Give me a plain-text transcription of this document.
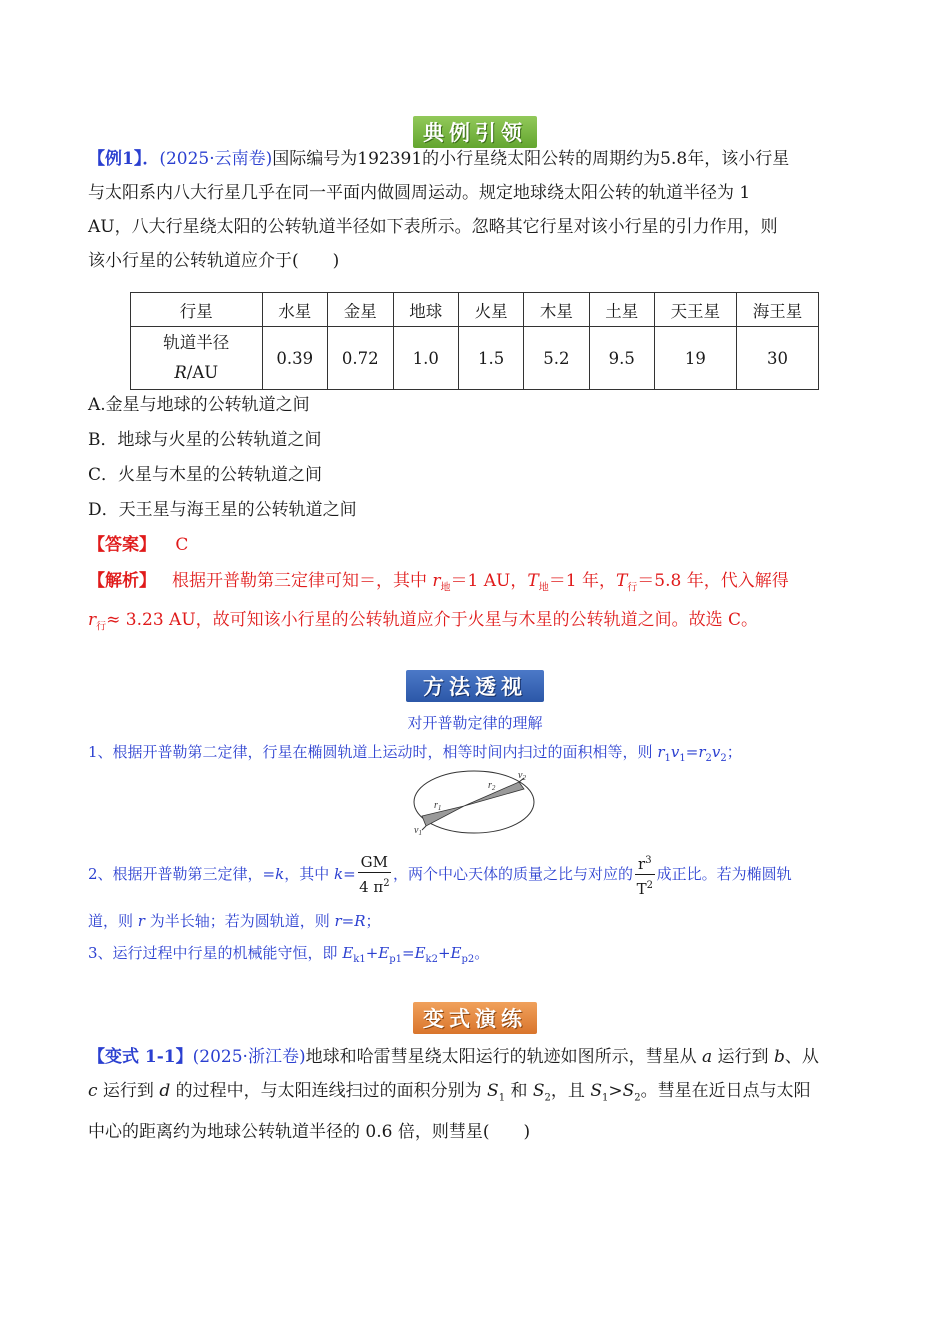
典例引领
【例1】．(2025·云南卷)国际编号为192391的小行星绕太阳公转的周期约为5.8年，该小行星
与太阳系内八大行星几乎在同一平面内做圆周运动。规定地球绕太阳公转的轨道半径为 1
AU，八大行星绕太阳的公转轨道半径如下表所示。忽略其它行星对该小行星的引力作用，则
该小行星的公转轨道应介于(　　)
行星	水星	金星	地球	火星	木星	土星	天王星	海王星

轨道半径
R/AU	0.39	0.72	1.0	1.5	5.2	9.5	19	30
A.金星与地球的公转轨道之间
B．地球与火星的公转轨道之间
C．火星与木星的公转轨道之间
D．天王星与海王星的公转轨道之间
【答案】 C
【解析】 根据开普勒第三定律可知＝，其中 $r_地=1$ AU，$T_地=1$ 年，$T_行=5.8$ 年，代入解得
$r_行\approx 3.23$ AU，故可知该小行星的公转轨道应介于火星与木星的公转轨道之间。故选 C。
方法透视
对开普勒定律的理解
1、根据开普勒第二定律，行星在椭圆轨道上运动时，相等时间内扫过的面积相等，则 $r_1v_1=r_2v_2$；
$r_1$
$r_2$
$v_1$
$v_2$
2、根据开普勒第三定律，=k，其中 $k= \frac{GM}{4 \pi^2}$ ，两个中心天体的质量之比与对应的 $\frac{r^3}{T^2}$ 成正比。若为椭圆轨
道，则 r 为半长轴；若为圆轨道，则 r=R；
3、运行过程中行星的机械能守恒，即 $E_{k1}+E_{p1}=E_{k2}+E_{p2}$。
变式演练
【变式 1-1】(2025·浙江卷)地球和哈雷彗星绕太阳运行的轨迹如图所示，彗星从 a 运行到 b、从
c 运行到 d 的过程中，与太阳连线扫过的面积分别为 $S_1$ 和 $S_2$，且 $S_1>S_2$。彗星在近日点与太阳
中心的距离约为地球公转轨道半径的 0.6 倍，则彗星(　　)
